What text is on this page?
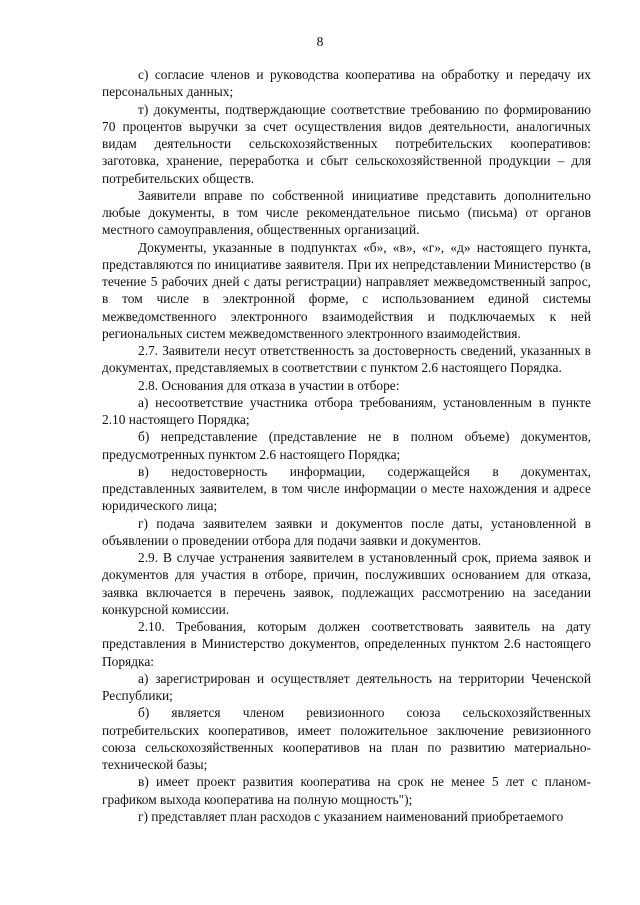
8

с) согласие членов и руководства кооператива на обработку и передачу их персональных данных;

т) документы, подтверждающие соответствие требованию по формированию 70 процентов выручки за счет осуществления видов деятельности, аналогичных видам деятельности сельскохозяйственных потребительских кооперативов: заготовка, хранение, переработка и сбыт сельскохозяйственной продукции – для потребительских обществ.

Заявители вправе по собственной инициативе представить дополнительно любые документы, в том числе рекомендательное письмо (письма) от органов местного самоуправления, общественных организаций.

Документы, указанные в подпунктах «б», «в», «г», «д» настоящего пункта, представляются по инициативе заявителя. При их непредставлении Министерство (в течение 5 рабочих дней с даты регистрации) направляет межведомственный запрос, в том числе в электронной форме, с использованием единой системы межведомственного электронного взаимодействия и подключаемых к ней региональных систем межведомственного электронного взаимодействия.

2.7. Заявители несут ответственность за достоверность сведений, указанных в документах, представляемых в соответствии с пунктом 2.6 настоящего Порядка.

2.8. Основания для отказа в участии в отборе:

а) несоответствие участника отбора требованиям, установленным в пункте 2.10 настоящего Порядка;

б) непредставление (представление не в полном объеме) документов, предусмотренных пунктом 2.6 настоящего Порядка;

в) недостоверность информации, содержащейся в документах, представленных заявителем, в том числе информации о месте нахождения и адресе юридического лица;

г) подача заявителем заявки и документов после даты, установленной в объявлении о проведении отбора для подачи заявки и документов.

2.9. В случае устранения заявителем в установленный срок, приема заявок и документов для участия в отборе, причин, послуживших основанием для отказа, заявка включается в перечень заявок, подлежащих рассмотрению на заседании конкурсной комиссии.

2.10. Требования, которым должен соответствовать заявитель на дату представления в Министерство документов, определенных пунктом 2.6 настоящего Порядка:

а) зарегистрирован и осуществляет деятельность на территории Чеченской Республики;

б) является членом ревизионного союза сельскохозяйственных потребительских кооперативов, имеет положительное заключение ревизионного союза сельскохозяйственных кооперативов на план по развитию материально-технической базы;

в) имеет проект развития кооператива на срок не менее 5 лет с планом-графиком выхода кооператива на полную мощность");

г) представляет план расходов с указанием наименований приобретаемого
